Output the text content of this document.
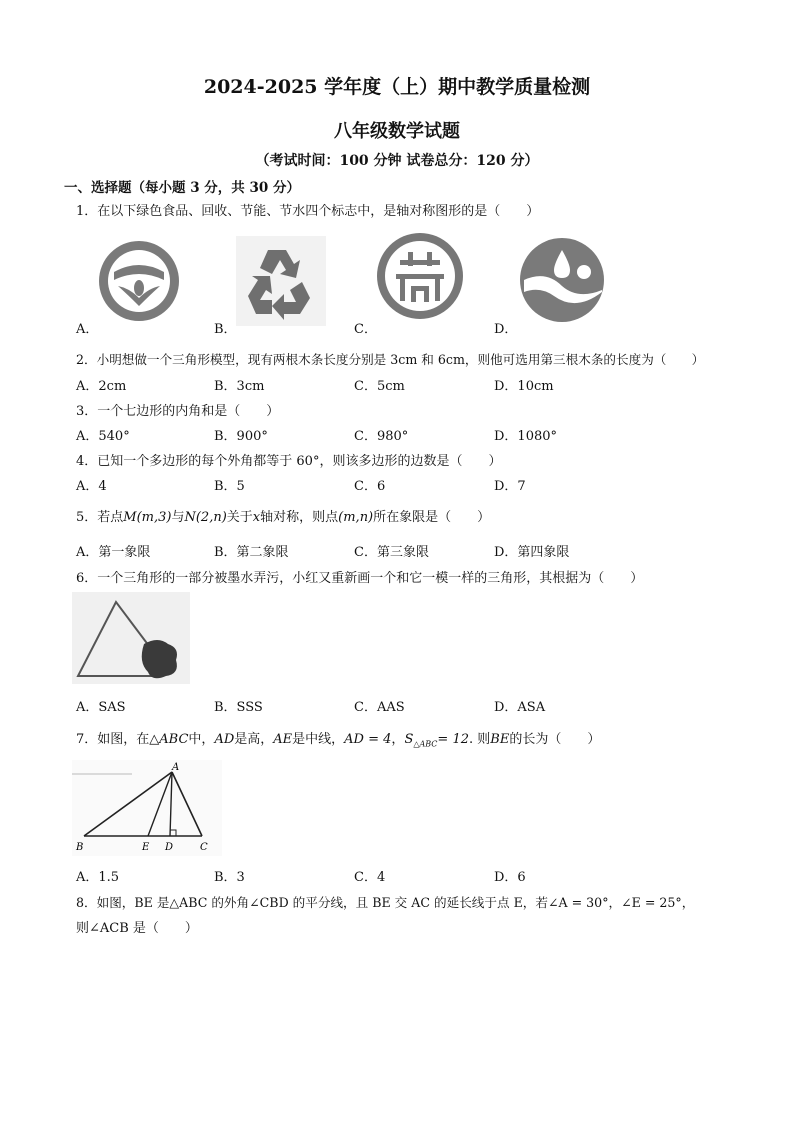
2024-2025 学年度（上）期中教学质量检测
八年级数学试题
（考试时间：100 分钟 试卷总分：120 分）
一、选择题（每小题 3 分，共 30 分）
1．在以下绿色食品、回收、节能、节水四个标志中，是轴对称图形的是（　　）
A．	B．	C．	D．
2．小明想做一个三角形模型，现有两根木条长度分别是 3cm 和 6cm，则他可选用第三根木条的长度为（　　）
A．2cm	B．3cm	C．5cm	D．10cm
3．一个七边形的内角和是（　　）
A．540°	B．900°	C．980°	D．1080°
4．已知一个多边形的每个外角都等于 60°，则该多边形的边数是（　　）
A．4	B．5	C．6	D．7
5．若点M(m,3)与N(2,n)关于x轴对称，则点(m,n)所在象限是（　　）
A．第一象限	B．第二象限	C．第三象限	D．第四象限
6．一个三角形的一部分被墨水弄污，小红又重新画一个和它一模一样的三角形，其根据为（　　）
A．SAS	B．SSS	C．AAS	D．ASA
7．如图，在△ABC中，AD是高，AE是中线，AD = 4，$S_{\triangle ABC}= 12$. 则BE的长为（　　）
A
B	E D	C
A．1.5	B．3	C．4	D．6
8．如图，BE 是△ABC 的外角∠CBD 的平分线，且 BE 交 AC 的延长线于点 E，若∠A = 30°，∠E = 25°，
则∠ACB 是（　　）
